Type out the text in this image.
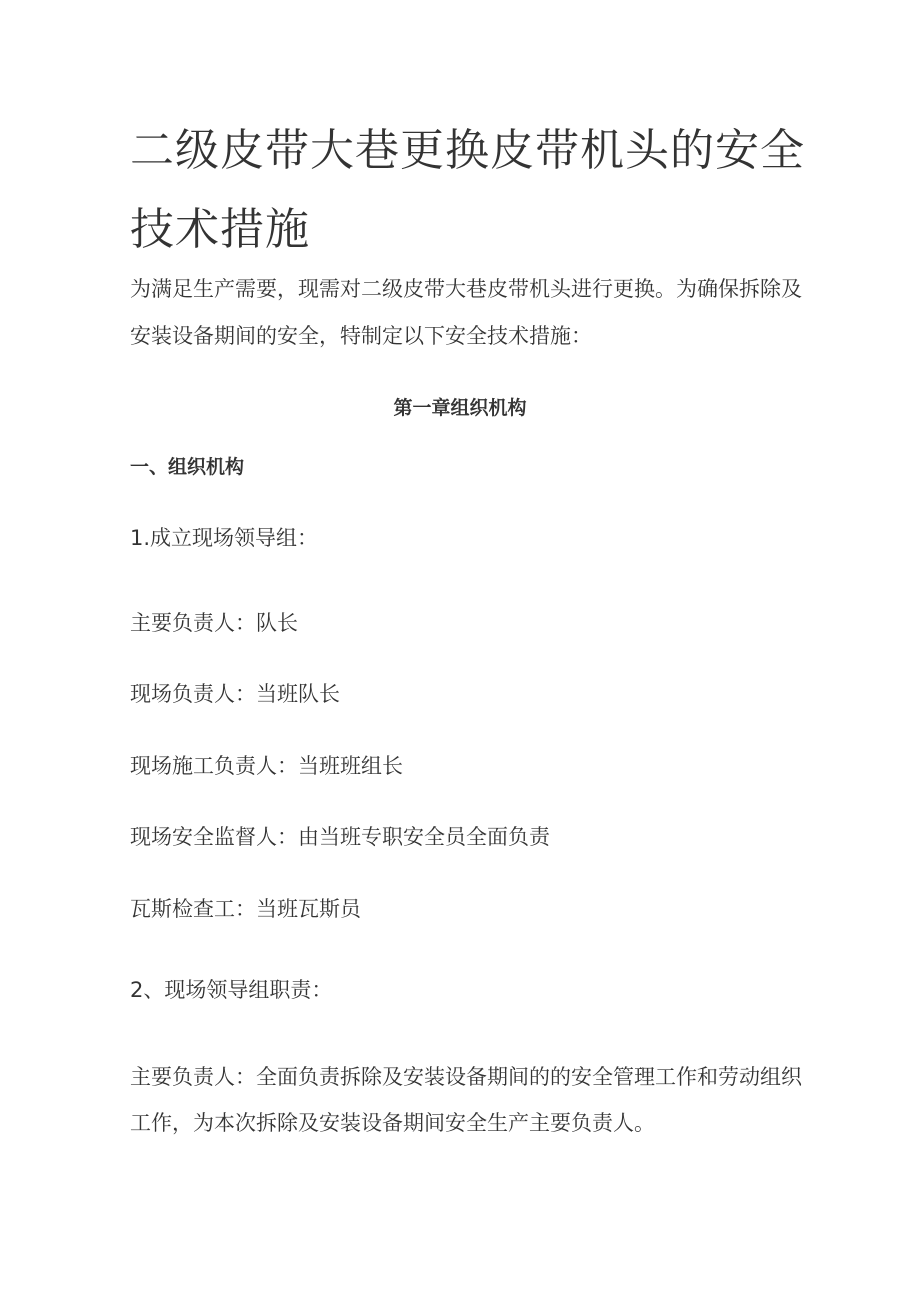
二级皮带大巷更换皮带机头的安全
技术措施
为满足生产需要，现需对二级皮带大巷皮带机头进行更换。为确保拆除及
安装设备期间的安全，特制定以下安全技术措施：
第一章组织机构
一、组织机构
1.成立现场领导组：
主要负责人：队长
现场负责人：当班队长
现场施工负责人：当班班组长
现场安全监督人：由当班专职安全员全面负责
瓦斯检查工：当班瓦斯员
2、现场领导组职责：
主要负责人：全面负责拆除及安装设备期间的的安全管理工作和劳动组织
工作，为本次拆除及安装设备期间安全生产主要负责人。
